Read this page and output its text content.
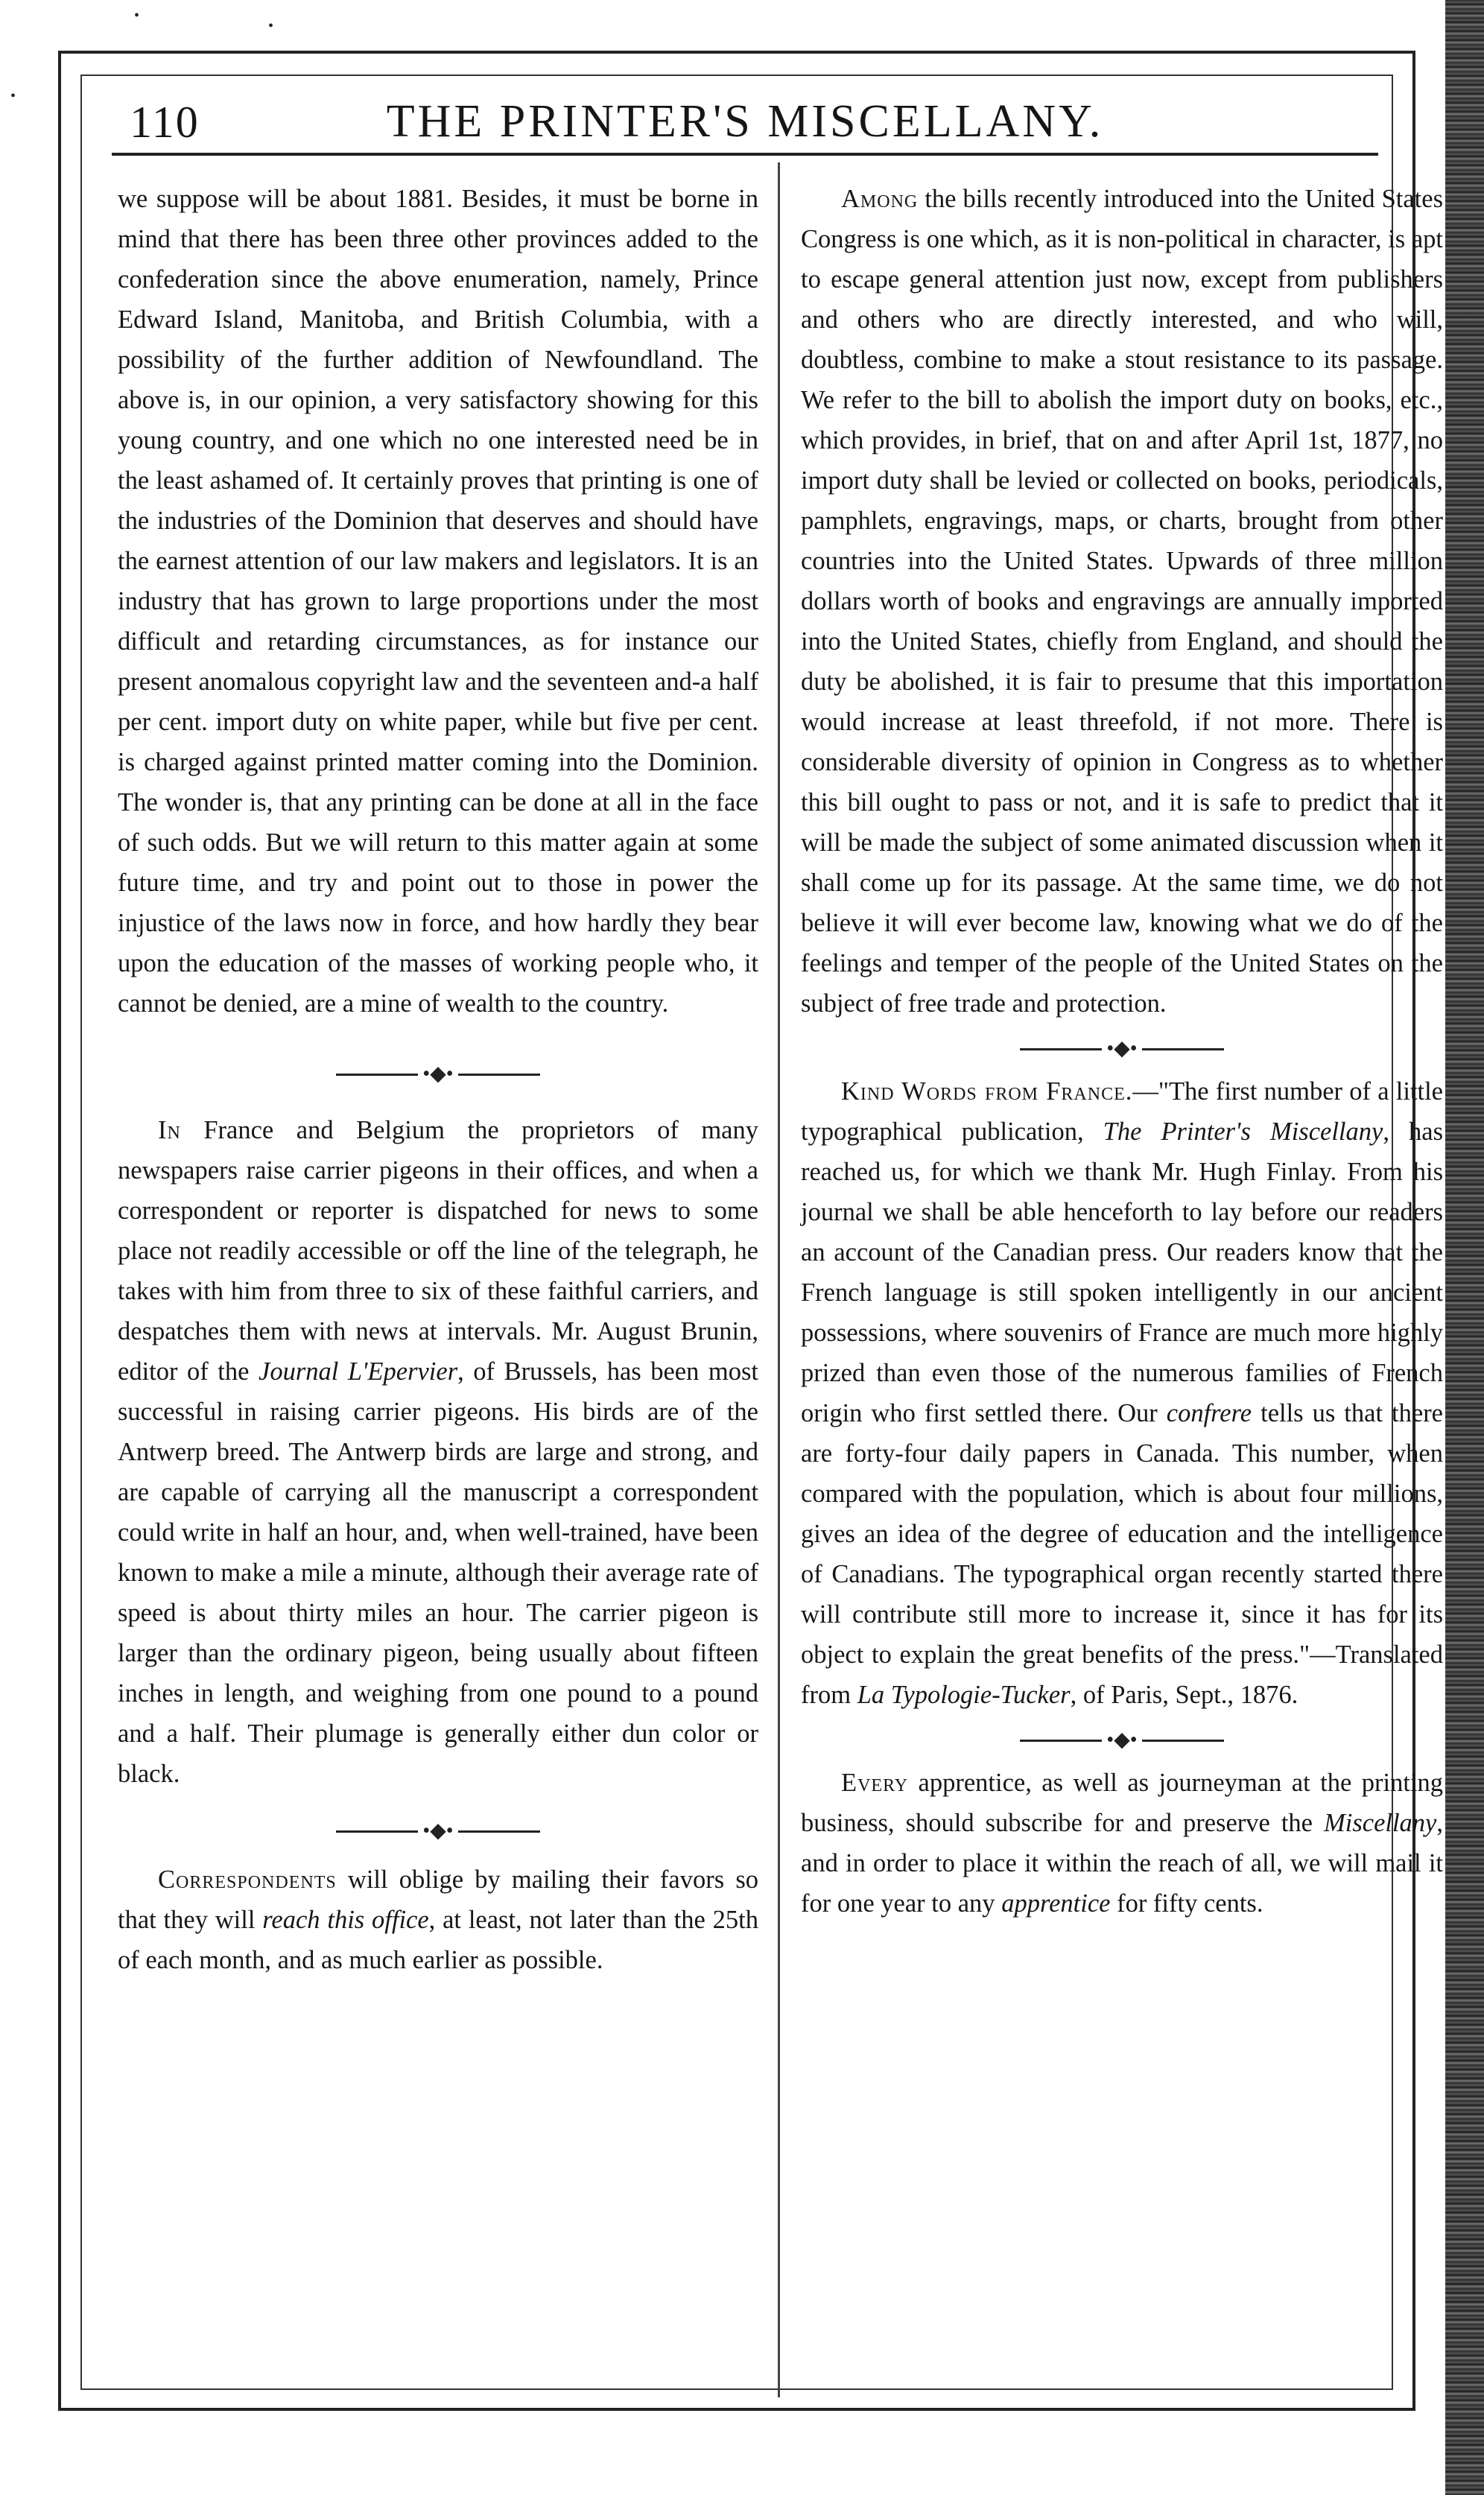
110	THE PRINTER'S MISCELLANY.

we suppose will be about 1881. Besides, it must be borne in mind that there has been three other provinces added to the confederation since the above enumeration, namely, Prince Edward Island, Manitoba, and British Columbia, with a possibility of the further addition of Newfoundland. The above is, in our opinion, a very satisfactory showing for this young country, and one which no one interested need be in the least ashamed of. It certainly proves that printing is one of the industries of the Dominion that deserves and should have the earnest attention of our law makers and legislators. It is an industry that has grown to large proportions under the most difficult and retarding circumstances, as for instance our present anomalous copyright law and the seventeen and-a half per cent. import duty on white paper, while but five per cent. is charged against printed matter coming into the Dominion. The wonder is, that any printing can be done at all in the face of such odds. But we will return to this matter again at some future time, and try and point out to those in power the injustice of the laws now in force, and how hardly they bear upon the education of the masses of working people who, it cannot be denied, are a mine of wealth to the country.

•◆•

In France and Belgium the proprietors of many newspapers raise carrier pigeons in their offices, and when a correspondent or reporter is dispatched for news to some place not readily accessible or off the line of the telegraph, he takes with him from three to six of these faithful carriers, and despatches them with news at intervals. Mr. August Brunin, editor of the Journal L'Epervier, of Brussels, has been most successful in raising carrier pigeons. His birds are of the Antwerp breed. The Antwerp birds are large and strong, and are capable of carrying all the manuscript a correspondent could write in half an hour, and, when well-trained, have been known to make a mile a minute, although their average rate of speed is about thirty miles an hour. The carrier pigeon is larger than the ordinary pigeon, being usually about fifteen inches in length, and weighing from one pound to a pound and a half. Their plumage is generally either dun color or black.

•◆•

Correspondents will oblige by mailing their favors so that they will reach this office, at least, not later than the 25th of each month, and as much earlier as possible.

Among the bills recently introduced into the United States Congress is one which, as it is non-political in character, is apt to escape general attention just now, except from publishers and others who are directly interested, and who will, doubtless, combine to make a stout resistance to its passage. We refer to the bill to abolish the import duty on books, etc., which provides, in brief, that on and after April 1st, 1877, no import duty shall be levied or collected on books, periodicals, pamphlets, engravings, maps, or charts, brought from other countries into the United States. Upwards of three million dollars worth of books and engravings are annually imported into the United States, chiefly from England, and should the duty be abolished, it is fair to presume that this importation would increase at least threefold, if not more. There is considerable diversity of opinion in Congress as to whether this bill ought to pass or not, and it is safe to predict that it will be made the subject of some animated discussion when it shall come up for its passage. At the same time, we do not believe it will ever become law, knowing what we do of the feelings and temper of the people of the United States on the subject of free trade and protection.

•◆•

Kind Words from France.—"The first number of a little typographical publication, The Printer's Miscellany, has reached us, for which we thank Mr. Hugh Finlay. From his journal we shall be able henceforth to lay before our readers an account of the Canadian press. Our readers know that the French language is still spoken intelligently in our ancient possessions, where souvenirs of France are much more highly prized than even those of the numerous families of French origin who first settled there. Our confrere tells us that there are forty-four daily papers in Canada. This number, when compared with the population, which is about four millions, gives an idea of the degree of education and the intelligence of Canadians. The typographical organ recently started there will contribute still more to increase it, since it has for its object to explain the great benefits of the press."—Translated from La Typologie-Tucker, of Paris, Sept., 1876.

•◆•

Every apprentice, as well as journeyman at the printing business, should subscribe for and preserve the Miscellany, and in order to place it within the reach of all, we will mail it for one year to any apprentice for fifty cents.

•
•
•
